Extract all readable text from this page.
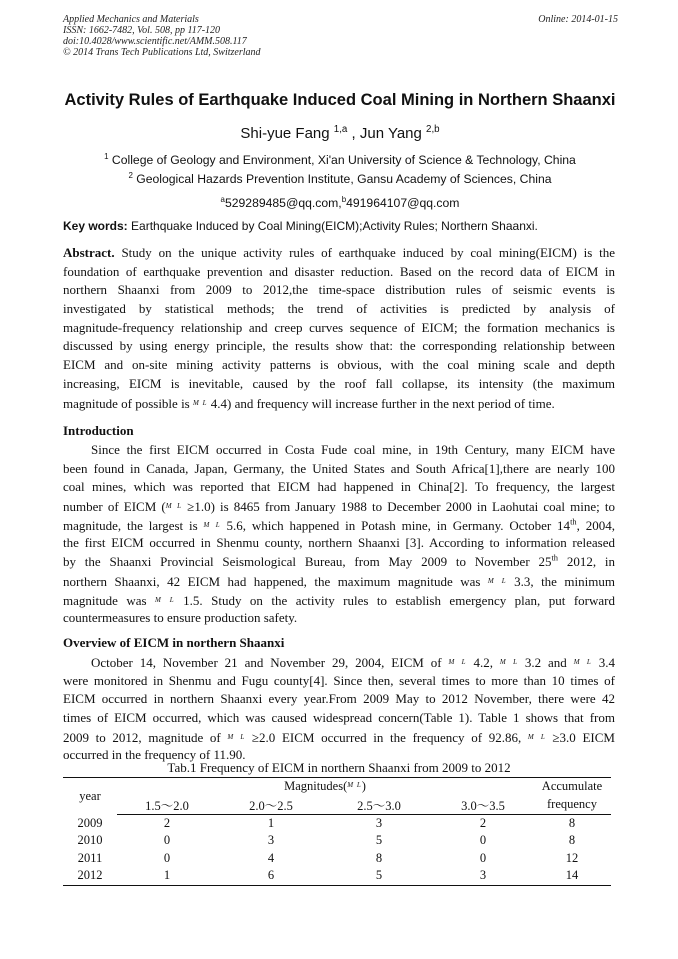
Applied Mechanics and Materials
ISSN: 1662-7482, Vol. 508, pp 117-120
doi:10.4028/www.scientific.net/AMM.508.117
© 2014 Trans Tech Publications Ltd, Switzerland
Online: 2014-01-15
Activity Rules of Earthquake Induced Coal Mining in Northern Shaanxi
Shi-yue Fang $^{1,a}$ , Jun Yang $^{2,b}$
$^1$ College of Geology and Environment, Xi'an University of Science & Technology, China
$^2$ Geological Hazards Prevention Institute, Gansu Academy of Sciences, China
$^a$529289485@qq.com,$^b$491964107@qq.com
Key words: Earthquake Induced by Coal Mining(EICM);Activity Rules; Northern Shaanxi.
Abstract. Study on the unique activity rules of earthquake induced by coal mining(EICM) is the
foundation of earthquake prevention and disaster reduction. Based on the record data of EICM in
northern Shaanxi from 2009 to 2012,the time-space distribution rules of seismic events is
investigated by statistical methods; the trend of activities is predicted by analysis of
magnitude-frequency relationship and creep curves sequence of EICM; the formation mechanics is
discussed by using energy principle, the results show that: the corresponding relationship between
EICM and on-site mining activity patterns is obvious, with the coal mining scale and depth
increasing, EICM is inevitable, caused by the roof fall collapse, its intensity (the maximum
magnitude of possible is $^{M L}$ 4.4) and frequency will increase further in the next period of time.
Introduction
Since the first EICM occurred in Costa Fude coal mine, in 19th Century, many EICM have
been found in Canada, Japan, Germany, the United States and South Africa[1],there are nearly 100
coal mines, which was reported that EICM had happened in China[2]. To frequency, the largest
number of EICM ($^{M L}$ ≥1.0) is 8465 from January 1988 to December 2000 in Laohutai coal mine; to
magnitude, the largest is $^{M L}$ 5.6, which happened in Potash mine, in Germany. October 14th, 2004,
the first EICM occurred in Shenmu county, northern Shaanxi [3]. According to information released
by the Shaanxi Provincial Seismological Bureau, from May 2009 to November 25th 2012, in
northern Shaanxi, 42 EICM had happened, the maximum magnitude was $^{M L}$ 3.3, the minimum
magnitude was $^{M L}$ 1.5. Study on the activity rules to establish emergency plan, put forward
countermeasures to ensure production safety.
Overview of EICM in northern Shaanxi
October 14, November 21 and November 29, 2004, EICM of $^{M L}$ 4.2, $^{M L}$ 3.2 and $^{M L}$ 3.4
were monitored in Shenmu and Fugu county[4]. Since then, several times to more than 10 times of
EICM occurred in northern Shaanxi every year.From 2009 May to 2012 November, there were 42
times of EICM occurred, which was caused widespread concern(Table 1). Table 1 shows that from
2009 to 2012, magnitude of $^{M L}$ ≥2.0 EICM occurred in the frequency of 92.86, $^{M L}$ ≥3.0 EICM
occurred in the frequency of 11.90.
Tab.1 Frequency of EICM in northern Shaanxi from 2009 to 2012
year	Magnitudes($^{M L}$)				Accumulate
	1.5～2.0	2.0～2.5	2.5～3.0	3.0～3.5	frequency
2009	2	1	3	2	8
2010	0	3	5	0	8
2011	0	4	8	0	12
2012	1	6	5	3	14
